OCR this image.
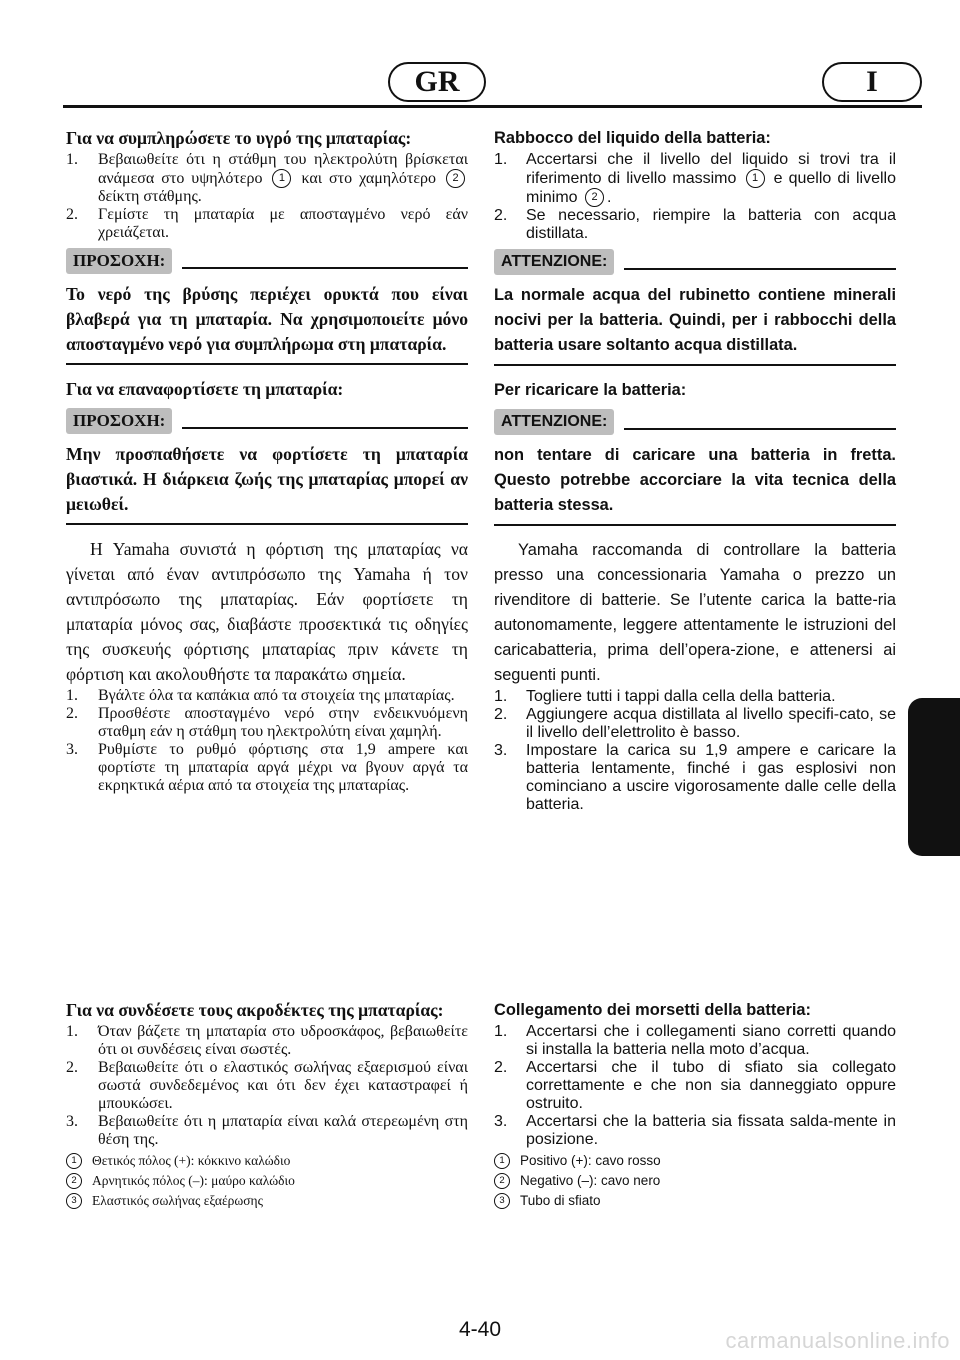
GR	I

Για να συμπληρώσετε το υγρό της μπαταρίας:

1. Βεβαιωθείτε ότι η στάθμη του ηλεκτρολύτη βρίσκεται ανάμεσα στο υψηλότερο 1 και στο χαμηλότερο 2 δείκτη στάθμης.
2. Γεμίστε τη μπαταρία με αποσταγμένο νερό εάν χρειάζεται.
ΠΡΟΣΟΧΗ:

Το νερό της βρύσης περιέχει ορυκτά που είναι βλαβερά για τη μπαταρία. Να χρησιμοποιείτε μόνο αποσταγμένο νερό για συμπλήρωμα στη μπαταρία.

Για να επαναφορτίσετε τη μπαταρία:

ΠΡΟΣΟΧΗ:

Μην προσπαθήσετε να φορτίσετε τη μπαταρία βιαστικά. Η διάρκεια ζωής της μπαταρίας μπορεί αν μειωθεί.

Η Yamaha συνιστά η φόρτιση της μπαταρίας να γίνεται από έναν αντιπρόσωπο της Yamaha ή τον αντιπρόσωπο της μπαταρίας. Εάν φορτίσετε τη μπαταρία μόνος σας, διαβάστε προσεκτικά τις οδηγίες της συσκευής φόρτισης μπαταρίας πριν κάνετε τη φόρτιση και ακολουθήστε τα παρακάτω σημεία.

1. Βγάλτε όλα τα καπάκια από τα στοιχεία της μπαταρίας.
2. Προσθέστε αποσταγμένο νερό στην ενδεικνυόμενη σταθμη εάν η στάθμη του ηλεκτρολύτη είναι χαμηλή.
3. Ρυθμίστε το ρυθμό φόρτισης στα 1,9 ampere και φορτίστε τη μπαταρία αργά μέχρι να βγουν αργά τα εκρηκτικά αέρια από τα στοιχεία της μπαταρίας.

Rabbocco del liquido della batteria:

1. Accertarsi che il livello del liquido si trovi tra il riferimento di livello massimo 1 e quello di livello minimo 2 .
2. Se necessario, riempire la batteria con acqua distillata.
ATTENZIONE:

La normale acqua del rubinetto contiene minerali nocivi per la batteria. Quindi, per i rabbocchi della batteria usare soltanto acqua distillata.

Per ricaricare la batteria:

ATTENZIONE:

non tentare di caricare una batteria in fretta. Questo potrebbe accorciare la vita tecnica della batteria stessa.

Yamaha raccomanda di controllare la batteria presso una concessionaria Yamaha o prezzo un rivenditore di batterie. Se l’utente carica la batte-ria autonomamente, leggere attentamente le istruzioni del caricabatteria, prima dell’opera-zione, e attenersi ai seguenti punti.

1. Togliere tutti i tappi dalla cella della batteria.
2. Aggiungere acqua distillata al livello specifi-cato, se il livello dell’elettrolito è basso.
3. Impostare la carica su 1,9 ampere e caricare la batteria lentamente, finché i gas esplosivi non cominciano a uscire vigorosamente dalle celle della batteria.

Για να συνδέσετε τους ακροδέκτες της μπαταρίας:

1. Όταν βάζετε τη μπαταρία στο υδροσκάφος, βεβαιωθείτε ότι οι συνδέσεις είναι σωστές.
2. Βεβαιωθείτε ότι ο ελαστικός σωλήνας εξαερισμού είναι σωστά συνδεδεμένος και ότι δεν έχει καταστραφεί ή μπουκώσει.
3. Βεβαιωθείτε ότι η μπαταρία είναι καλά στερεωμένη στη θέση της.
1	Θετικός πόλος (+): κόκκινο καλώδιο
2	Αρνητικός πόλος (–): μαύρο καλώδιο
3	Ελαστικός σωλήνας εξαέρωσης

Collegamento dei morsetti della batteria:

1. Accertarsi che i collegamenti siano corretti quando si installa la batteria nella moto d’acqua.
2. Accertarsi che il tubo di sfiato sia collegato correttamente e che non sia danneggiato oppure ostruito.
3. Accertarsi che la batteria sia fissata salda-mente in posizione.
1	Positivo (+): cavo rosso
2	Negativo (–): cavo nero
3	Tubo di sfiato
4-40	carmanualsonline.info
